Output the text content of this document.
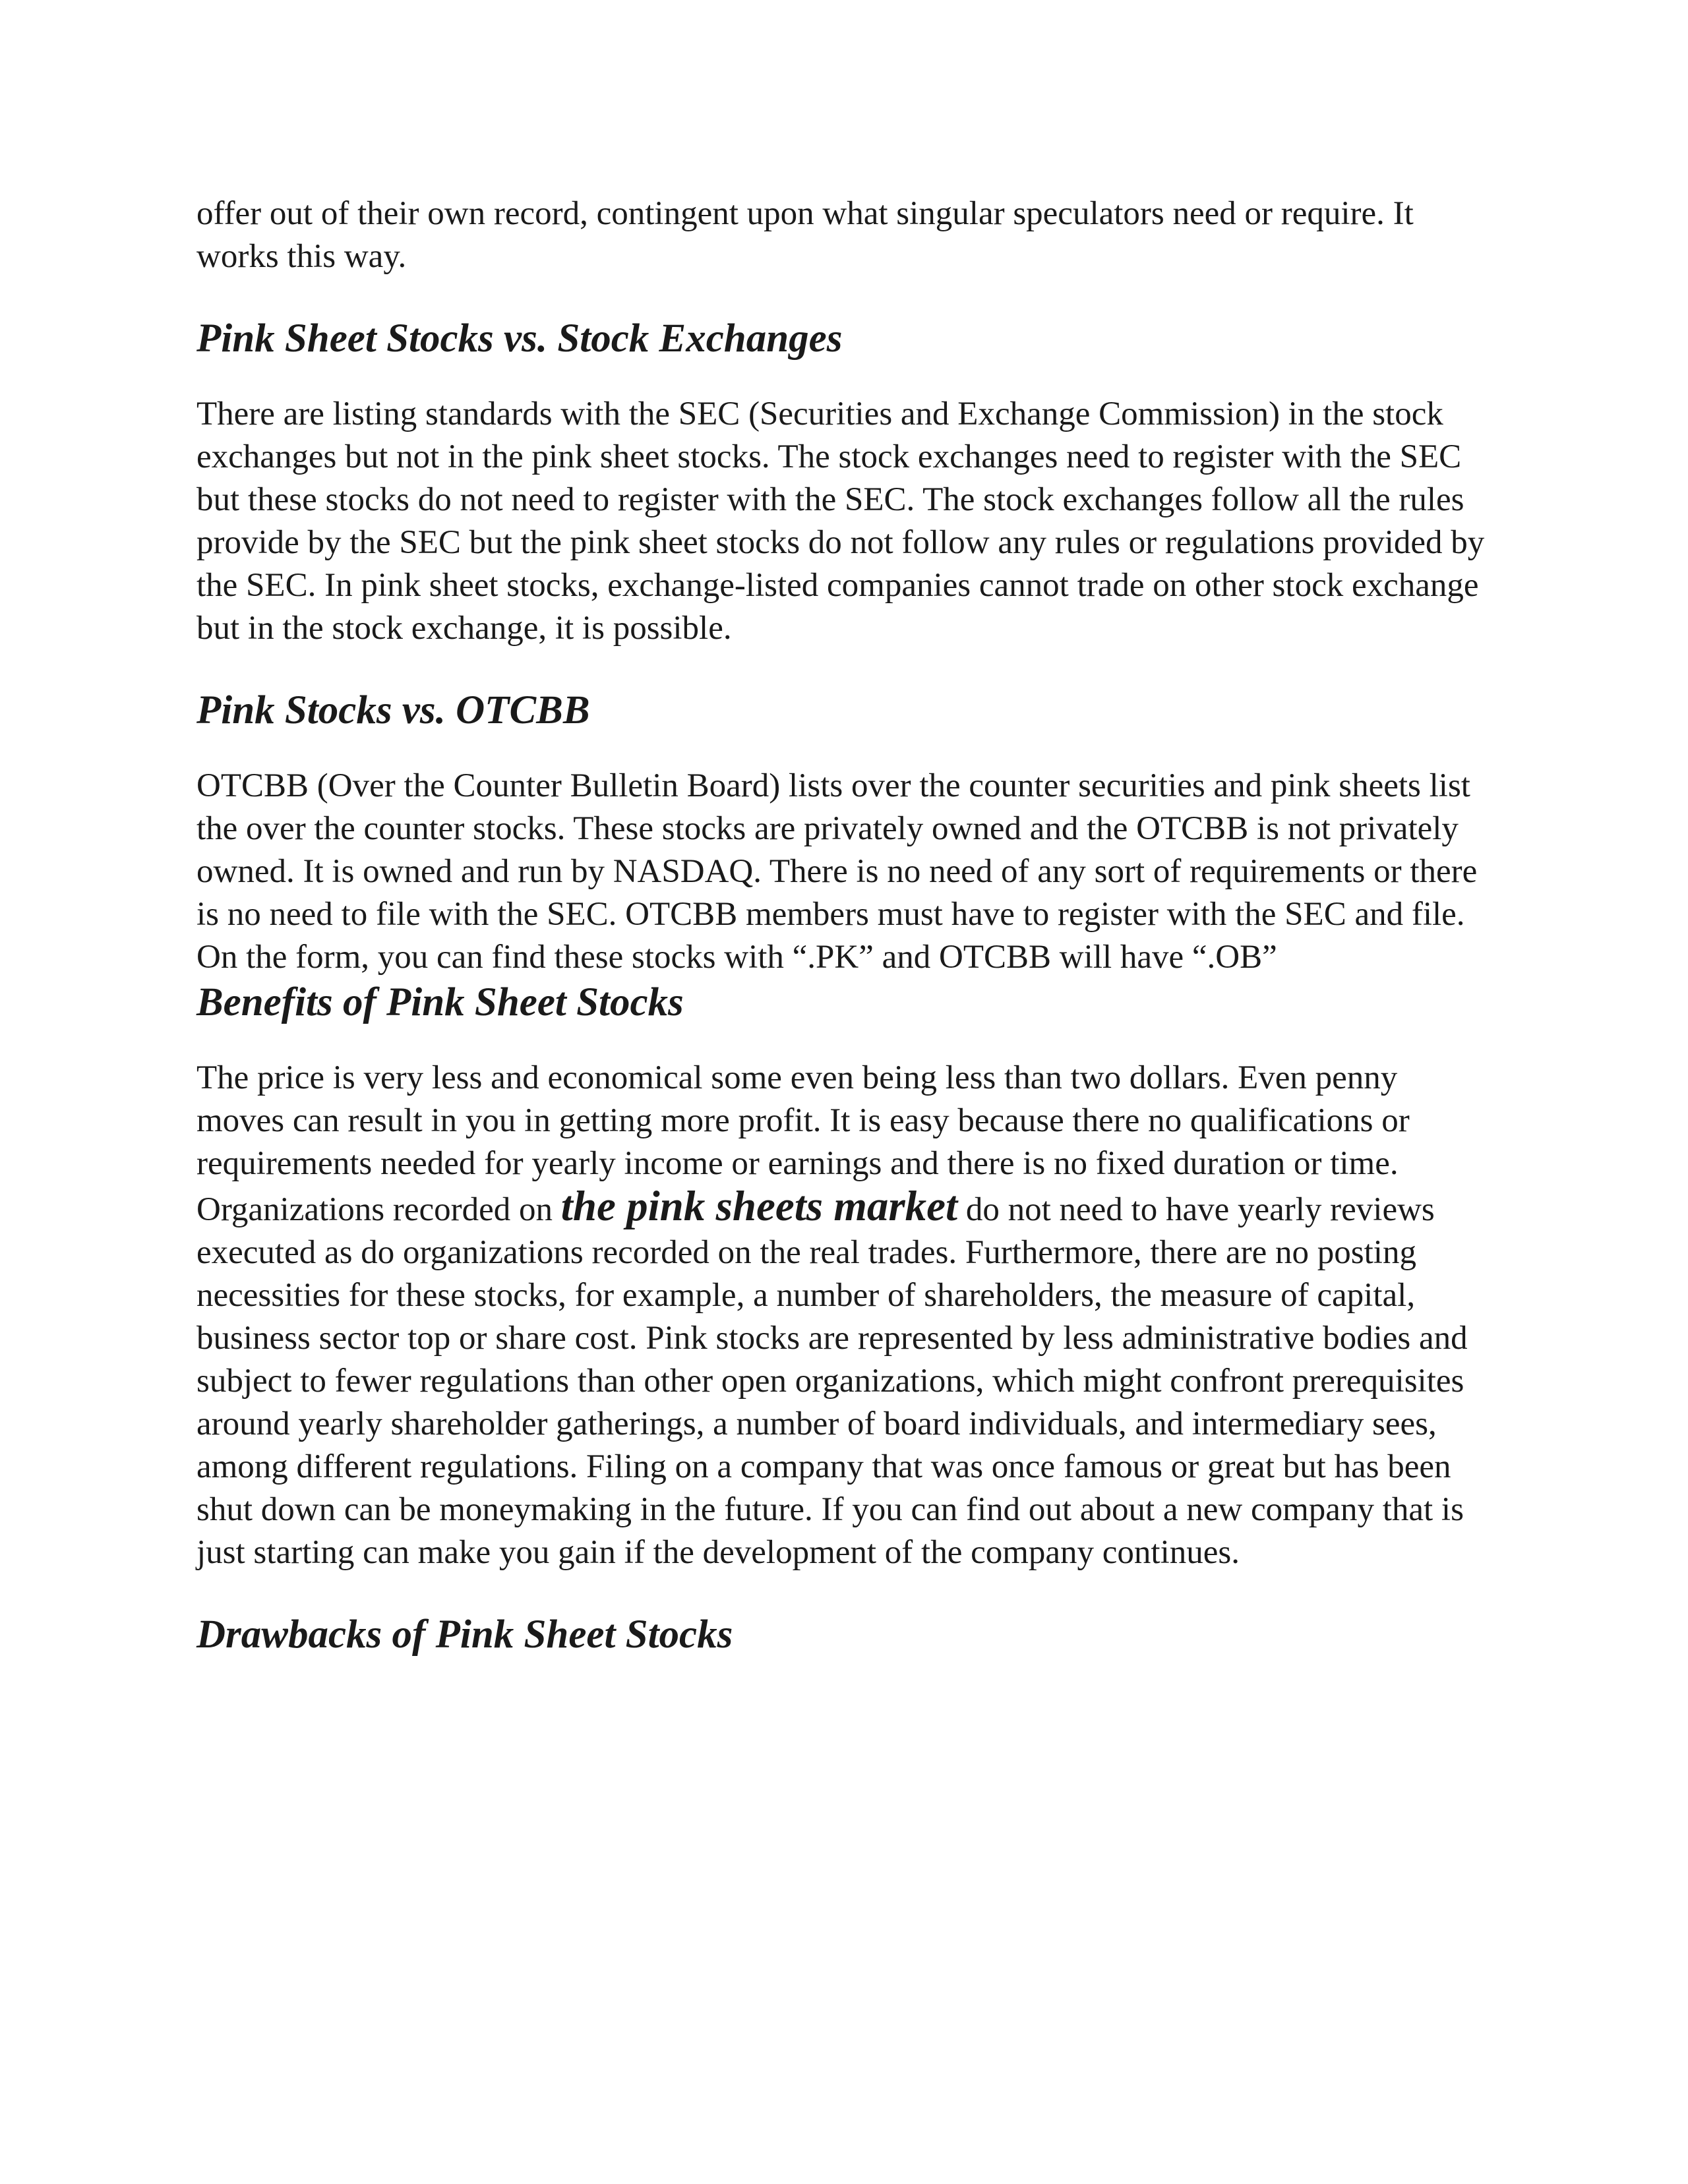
offer out of their own record, contingent upon what singular speculators need or require. It works this way.

Pink Sheet Stocks vs. Stock Exchanges

There are listing standards with the SEC (Securities and Exchange Commission) in the stock exchanges but not in the pink sheet stocks. The stock exchanges need to register with the SEC but these stocks do not need to register with the SEC. The stock exchanges follow all the rules provide by the SEC but the pink sheet stocks do not follow any rules or regulations provided by the SEC. In pink sheet stocks, exchange-listed companies cannot trade on other stock exchange but in the stock exchange, it is possible.

Pink Stocks vs. OTCBB

OTCBB (Over the Counter Bulletin Board) lists over the counter securities and pink sheets list the over the counter stocks. These stocks are privately owned and the OTCBB is not privately owned. It is owned and run by NASDAQ. There is no need of any sort of requirements or there is no need to file with the SEC. OTCBB members must have to register with the SEC and file. On the form, you can find these stocks with “.PK” and OTCBB will have “.OB”

Benefits of Pink Sheet Stocks

The price is very less and economical some even being less than two dollars. Even penny moves can result in you in getting more profit. It is easy because there no qualifications or requirements needed for yearly income or earnings and there is no fixed duration or time. Organizations recorded on the pink sheets market do not need to have yearly reviews executed as do organizations recorded on the real trades. Furthermore, there are no posting necessities for these stocks, for example, a number of shareholders, the measure of capital, business sector top or share cost. Pink stocks are represented by less administrative bodies and subject to fewer regulations than other open organizations, which might confront prerequisites around yearly shareholder gatherings, a number of board individuals, and intermediary sees, among different regulations. Filing on a company that was once famous or great but has been shut down can be moneymaking in the future. If you can find out about a new company that is just starting can make you gain if the development of the company continues.

Drawbacks of Pink Sheet Stocks
